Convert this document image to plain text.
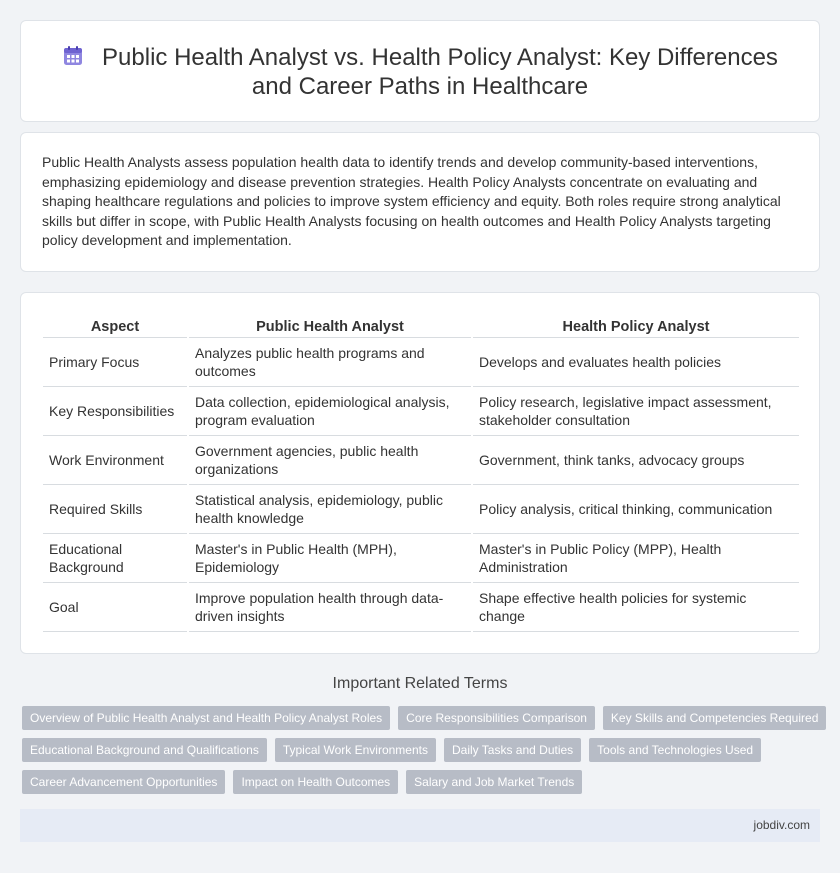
Public Health Analyst vs. Health Policy Analyst: Key Differences and Career Paths in Healthcare

Public Health Analysts assess population health data to identify trends and develop community-based interventions, emphasizing epidemiology and disease prevention strategies. Health Policy Analysts concentrate on evaluating and shaping healthcare regulations and policies to improve system efficiency and equity. Both roles require strong analytical skills but differ in scope, with Public Health Analysts focusing on health outcomes and Health Policy Analysts targeting policy development and implementation.

Aspect	Public Health Analyst	Health Policy Analyst
Primary Focus	Analyzes public health programs and outcomes	Develops and evaluates health policies
Key Responsibilities	Data collection, epidemiological analysis, program evaluation	Policy research, legislative impact assessment, stakeholder consultation
Work Environment	Government agencies, public health organizations	Government, think tanks, advocacy groups
Required Skills	Statistical analysis, epidemiology, public health knowledge	Policy analysis, critical thinking, communication
Educational Background	Master's in Public Health (MPH), Epidemiology	Master's in Public Policy (MPP), Health Administration
Goal	Improve population health through data-driven insights	Shape effective health policies for systemic change
Important Related Terms
Overview of Public Health Analyst and Health Policy Analyst Roles	Core Responsibilities Comparison	Key Skills and Competencies Required
Educational Background and Qualifications	Typical Work Environments	Daily Tasks and Duties	Tools and Technologies Used
Career Advancement Opportunities	Impact on Health Outcomes	Salary and Job Market Trends
jobdiv.com
